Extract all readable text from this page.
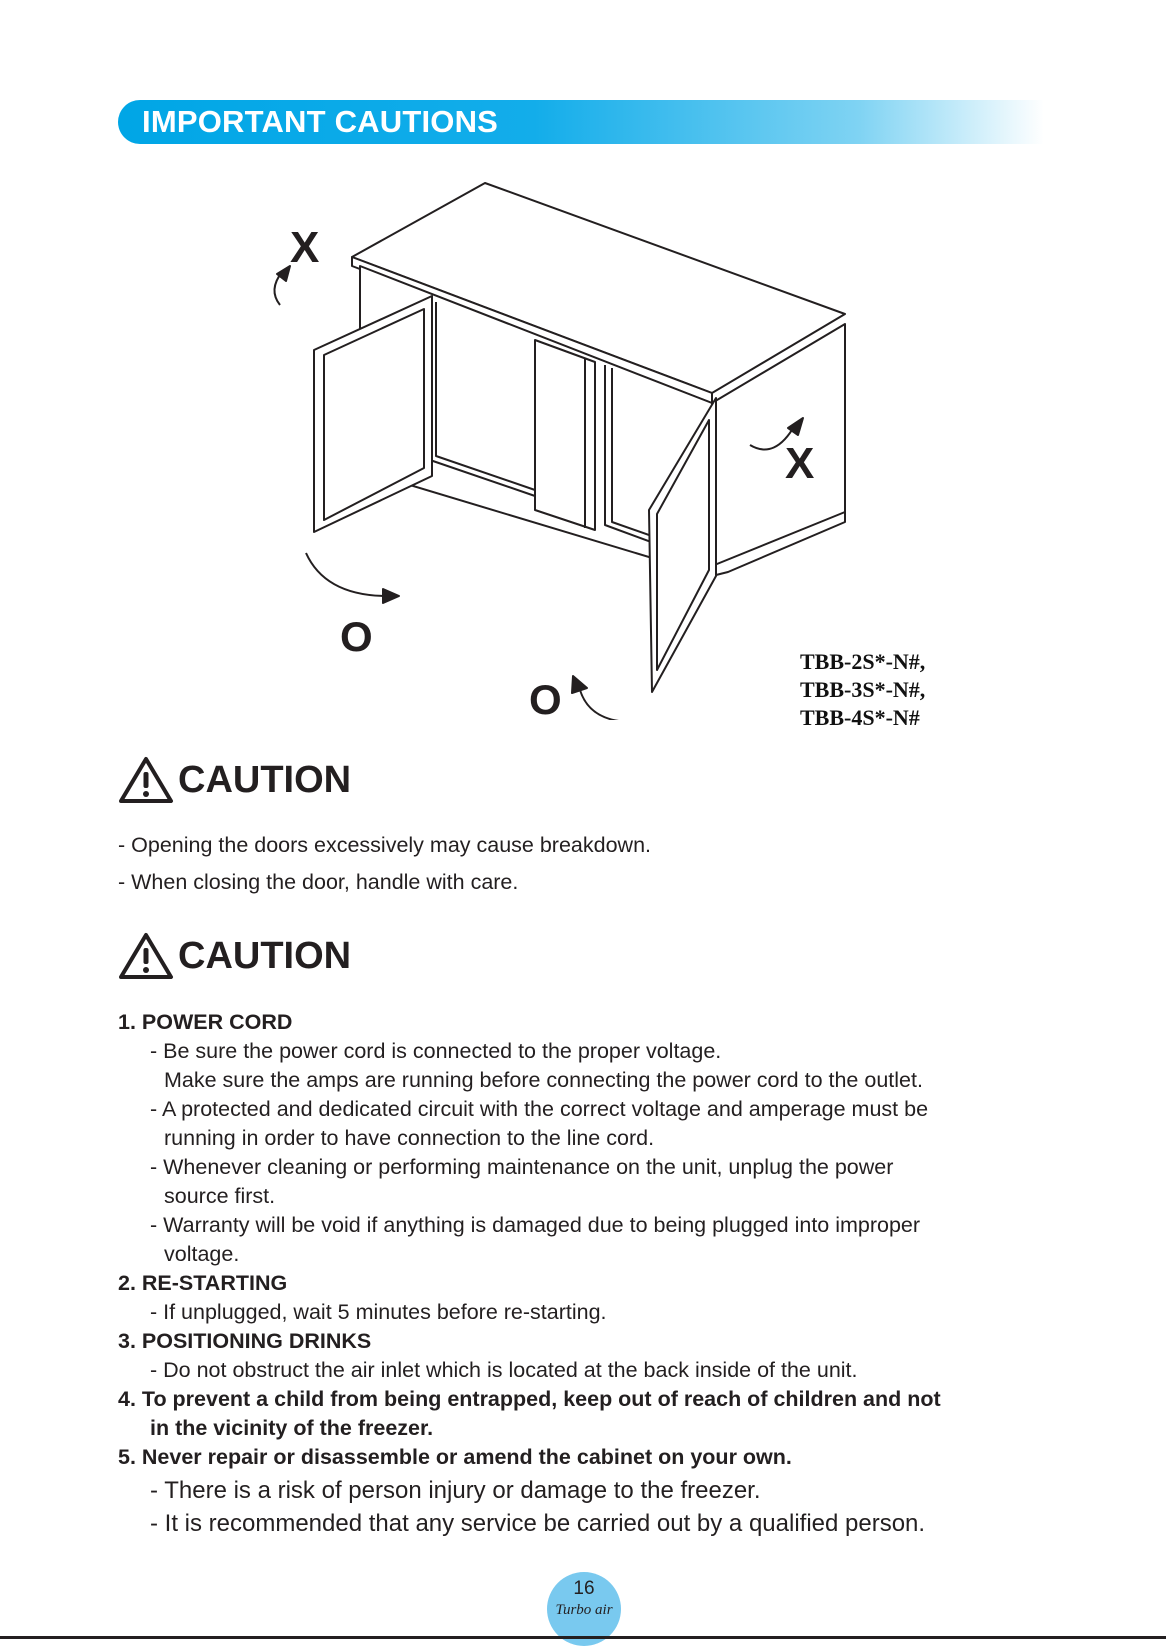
IMPORTANT CAUTIONS
X
X
O
O
TBB-2S*-N#,
TBB-3S*-N#,
TBB-4S*-N#
CAUTION
- Opening the doors excessively may cause breakdown.
- When closing the door, handle with care.
CAUTION
1. POWER CORD
- Be sure the power cord is connected to the proper voltage.
Make sure the amps are running before connecting the power cord to the outlet.
- A protected and dedicated circuit with the correct voltage and amperage must be
running in order to have connection to the line cord.
- Whenever cleaning or performing maintenance on the unit, unplug the power
source first.
- Warranty will be void if anything is damaged due to being plugged into improper
voltage.
2. RE-STARTING
- If unplugged, wait 5 minutes before re-starting.
3. POSITIONING DRINKS
- Do not obstruct the air inlet which is located at the back inside of the unit.
4. To prevent a child from being entrapped, keep out of reach of children and not
in the vicinity of the freezer.
5. Never repair or disassemble or amend the cabinet on your own.
- There is a risk of person injury or damage to the freezer.
- It is recommended that any service be carried out by a qualified person.
16
Turbo air
